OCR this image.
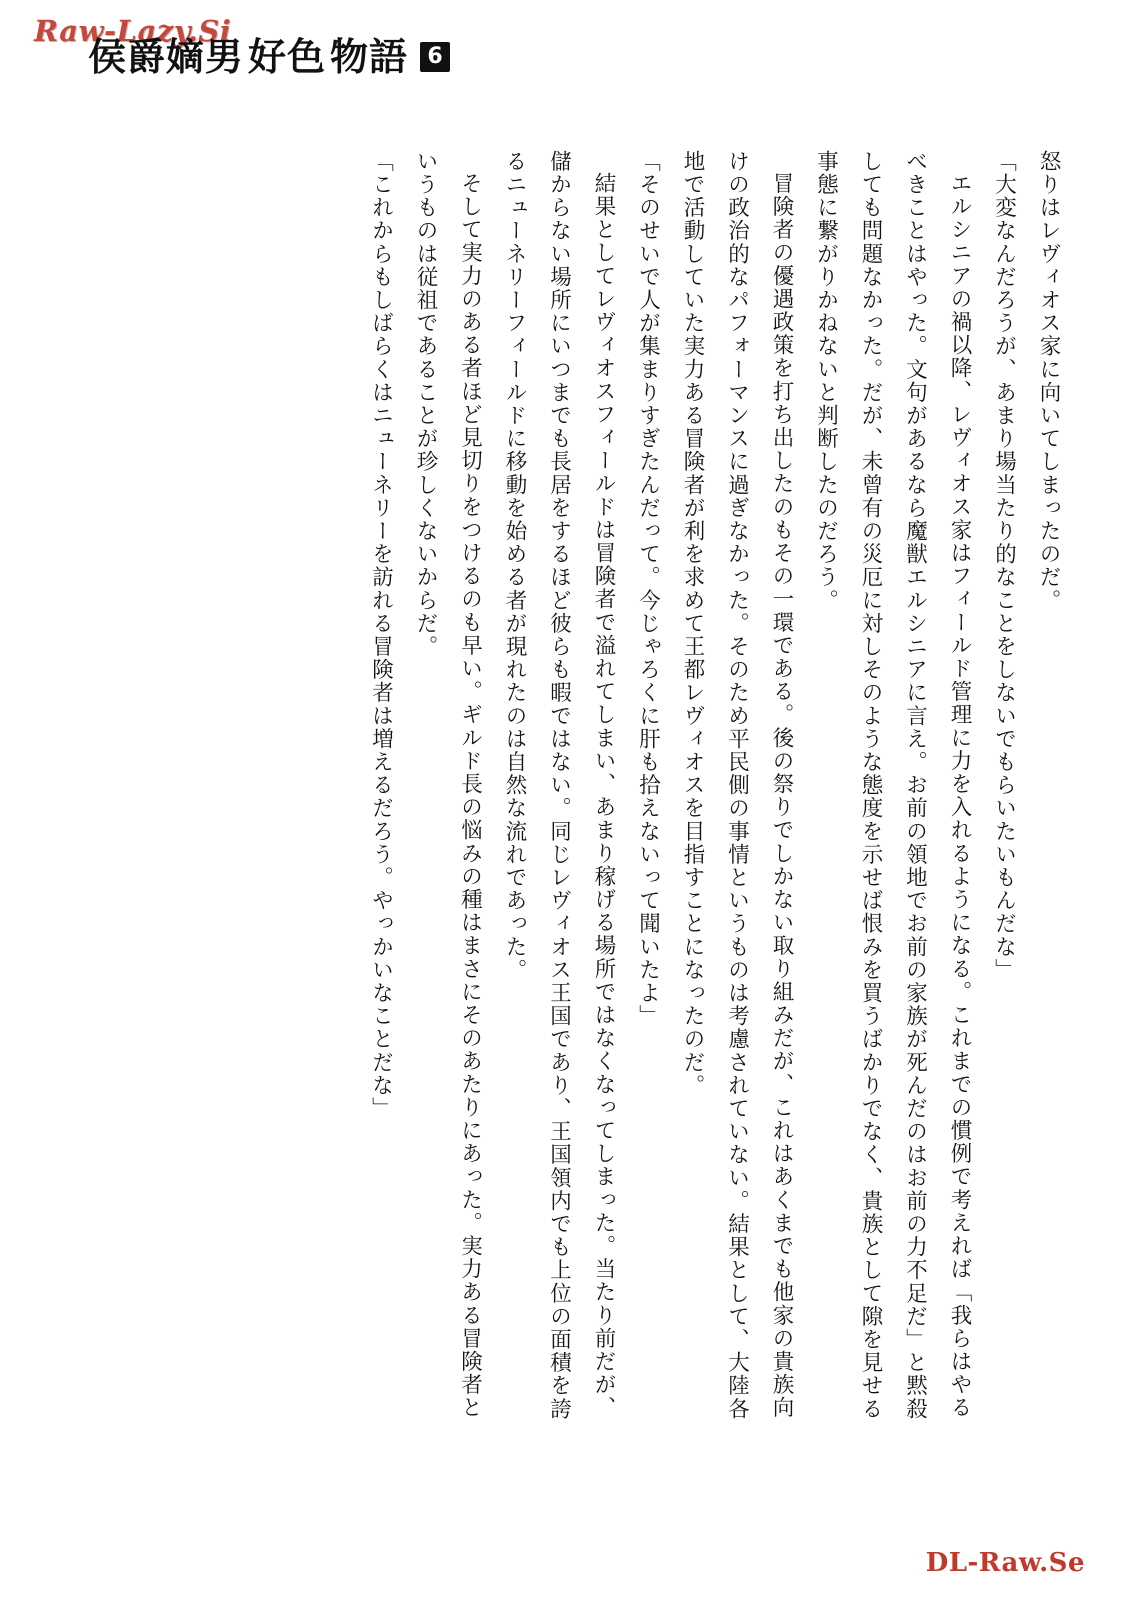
Raw-Lazy.Si
侯爵嫡男 好色 物語 6

怒りはレヴィオス家に向いてしまったのだ。

「大変なんだろうが、あまり場当たり的なことをしないでもらいたいもんだな」

エルシニアの禍以降、レヴィオス家はフィールド管理に力を入れるようになる。これまでの慣例で考えれば「我らはやるべきことはやった。文句があるなら魔獣エルシニアに言え。お前の領地でお前の家族が死んだのはお前の力不足だ」と黙殺しても問題なかった。だが、未曾有の災厄に対しそのような態度を示せば恨みを買うばかりでなく、貴族として隙を見せる事態に繋がりかねないと判断したのだろう。

冒険者の優遇政策を打ち出したのもその一環である。後の祭りでしかない取り組みだが、これはあくまでも他家の貴族向けの政治的なパフォーマンスに過ぎなかった。そのため平民側の事情というものは考慮されていない。結果として、大陸各地で活動していた実力ある冒険者が利を求めて王都レヴィオスを目指すことになったのだ。

「そのせいで人が集まりすぎたんだって。今じゃろくに肝も拾えないって聞いたよ」

結果としてレヴィオスフィールドは冒険者で溢れてしまい、あまり稼げる場所ではなくなってしまった。当たり前だが、儲からない場所にいつまでも長居をするほど彼らも暇ではない。同じレヴィオス王国であり、王国領内でも上位の面積を誇るニューネリーフィールドに移動を始める者が現れたのは自然な流れであった。

そして実力のある者ほど見切りをつけるのも早い。ギルド長の悩みの種はまさにそのあたりにあった。実力ある冒険者というものは従祖であることが珍しくないからだ。

「これからもしばらくはニューネリーを訪れる冒険者は増えるだろう。やっかいなことだな」

DL-Raw.Se
